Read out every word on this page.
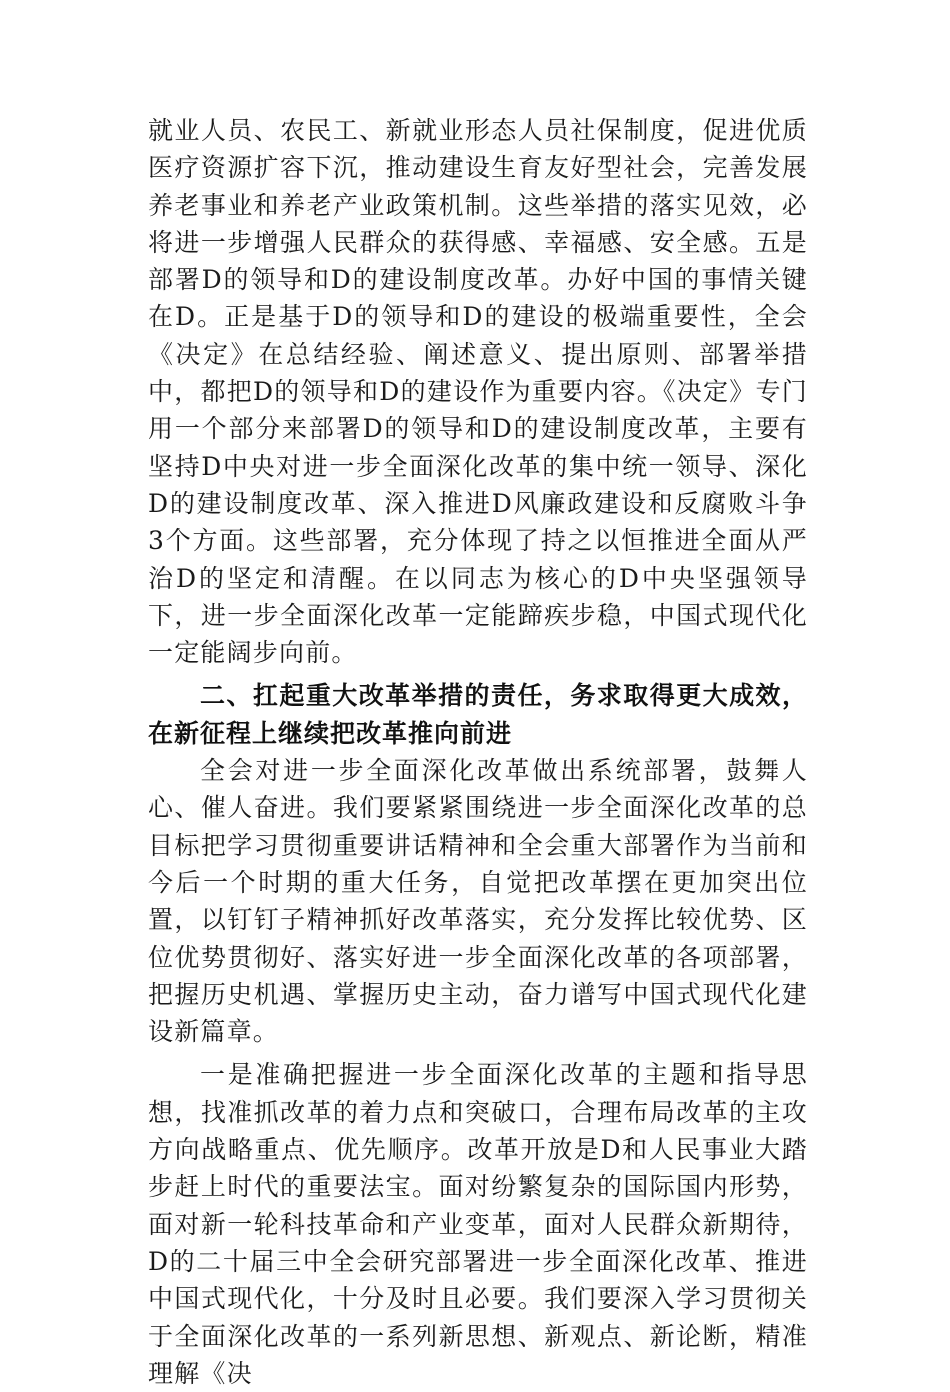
就业人员、农民工、新就业形态人员社保制度，促进优质医疗资源扩容下沉，推动建设生育友好型社会，完善发展养老事业和养老产业政策机制。这些举措的落实见效，必将进一步增强人民群众的获得感、幸福感、安全感。五是部署D的领导和D的建设制度改革。办好中国的事情关键在D。正是基于D的领导和D的建设的极端重要性，全会《决定》在总结经验、阐述意义、提出原则、部署举措中，都把D的领导和D的建设作为重要内容。《决定》专门用一个部分来部署D的领导和D的建设制度改革，主要有坚持D中央对进一步全面深化改革的集中统一领导、深化D的建设制度改革、深入推进D风廉政建设和反腐败斗争3个方面。这些部署，充分体现了持之以恒推进全面从严治D的坚定和清醒。在以同志为核心的D中央坚强领导下，进一步全面深化改革一定能蹄疾步稳，中国式现代化一定能阔步向前。

二、扛起重大改革举措的责任，务求取得更大成效，在新征程上继续把改革推向前进

全会对进一步全面深化改革做出系统部署，鼓舞人心、催人奋进。我们要紧紧围绕进一步全面深化改革的总目标把学习贯彻重要讲话精神和全会重大部署作为当前和今后一个时期的重大任务，自觉把改革摆在更加突出位置，以钉钉子精神抓好改革落实，充分发挥比较优势、区位优势贯彻好、落实好进一步全面深化改革的各项部署，把握历史机遇、掌握历史主动，奋力谱写中国式现代化建设新篇章。

一是准确把握进一步全面深化改革的主题和指导思想，找准抓改革的着力点和突破口，合理布局改革的主攻方向战略重点、优先顺序。改革开放是D和人民事业大踏步赶上时代的重要法宝。面对纷繁复杂的国际国内形势，面对新一轮科技革命和产业变革，面对人民群众新期待，D的二十届三中全会研究部署进一步全面深化改革、推进中国式现代化，十分及时且必要。我们要深入学习贯彻关于全面深化改革的一系列新思想、新观点、新论断，精准理解《决
